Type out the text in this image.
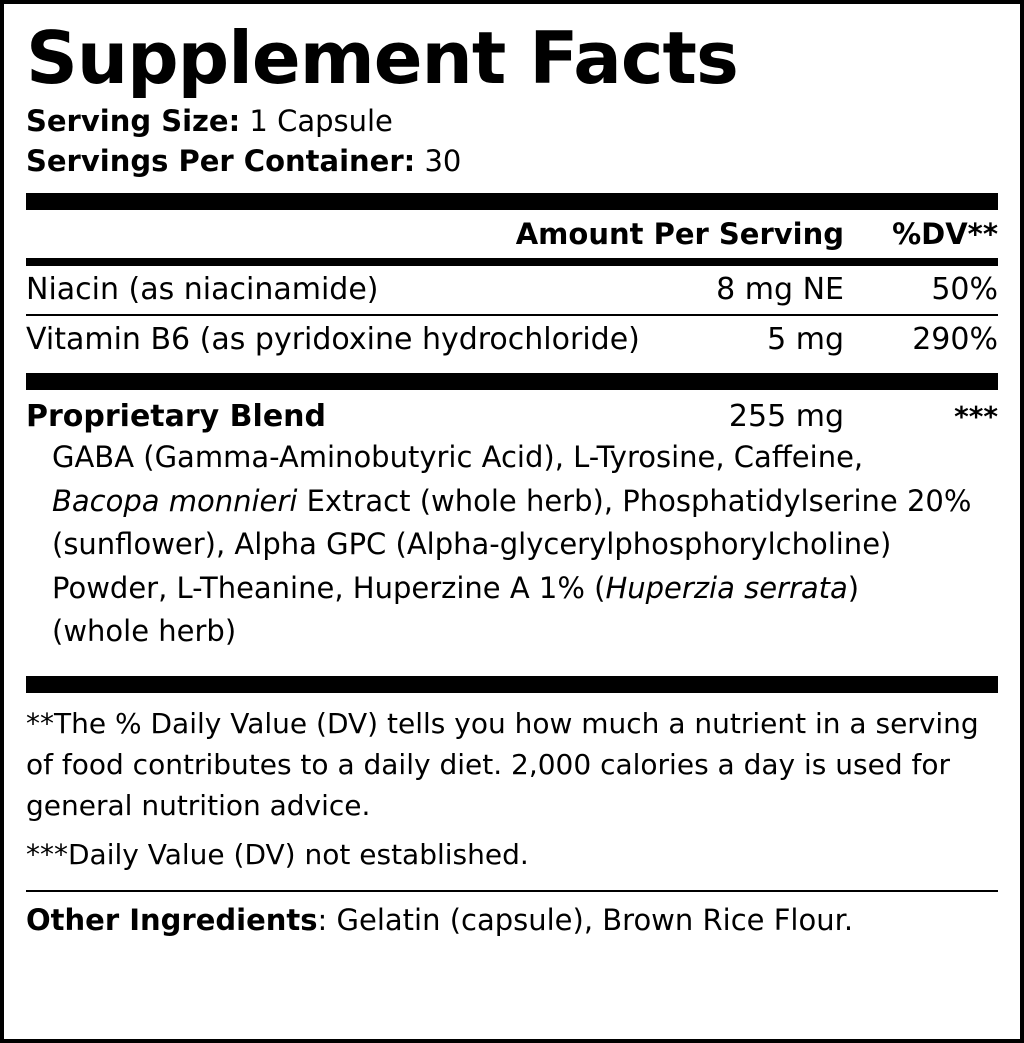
Supplement Facts
Serving Size: 1 Capsule
Servings Per Container: 30
Amount Per Serving	%DV**
Niacin (as niacinamide)	8 mg NE	50%
Vitamin B6 (as pyridoxine hydrochloride)	5 mg	290%
Proprietary Blend	255 mg	***
GABA (Gamma-Aminobutyric Acid), L-Tyrosine, Caffeine,
Bacopa monnieri Extract (whole herb), Phosphatidylserine 20%
(sunflower), Alpha GPC (Alpha-glycerylphosphorylcholine)
Powder, L-Theanine, Huperzine A 1% (Huperzia serrata)
(whole herb)
**The % Daily Value (DV) tells you how much a nutrient in a serving of food contributes to a daily diet. 2,000 calories a day is used for general nutrition advice.
***Daily Value (DV) not established.
Other Ingredients: Gelatin (capsule), Brown Rice Flour.
